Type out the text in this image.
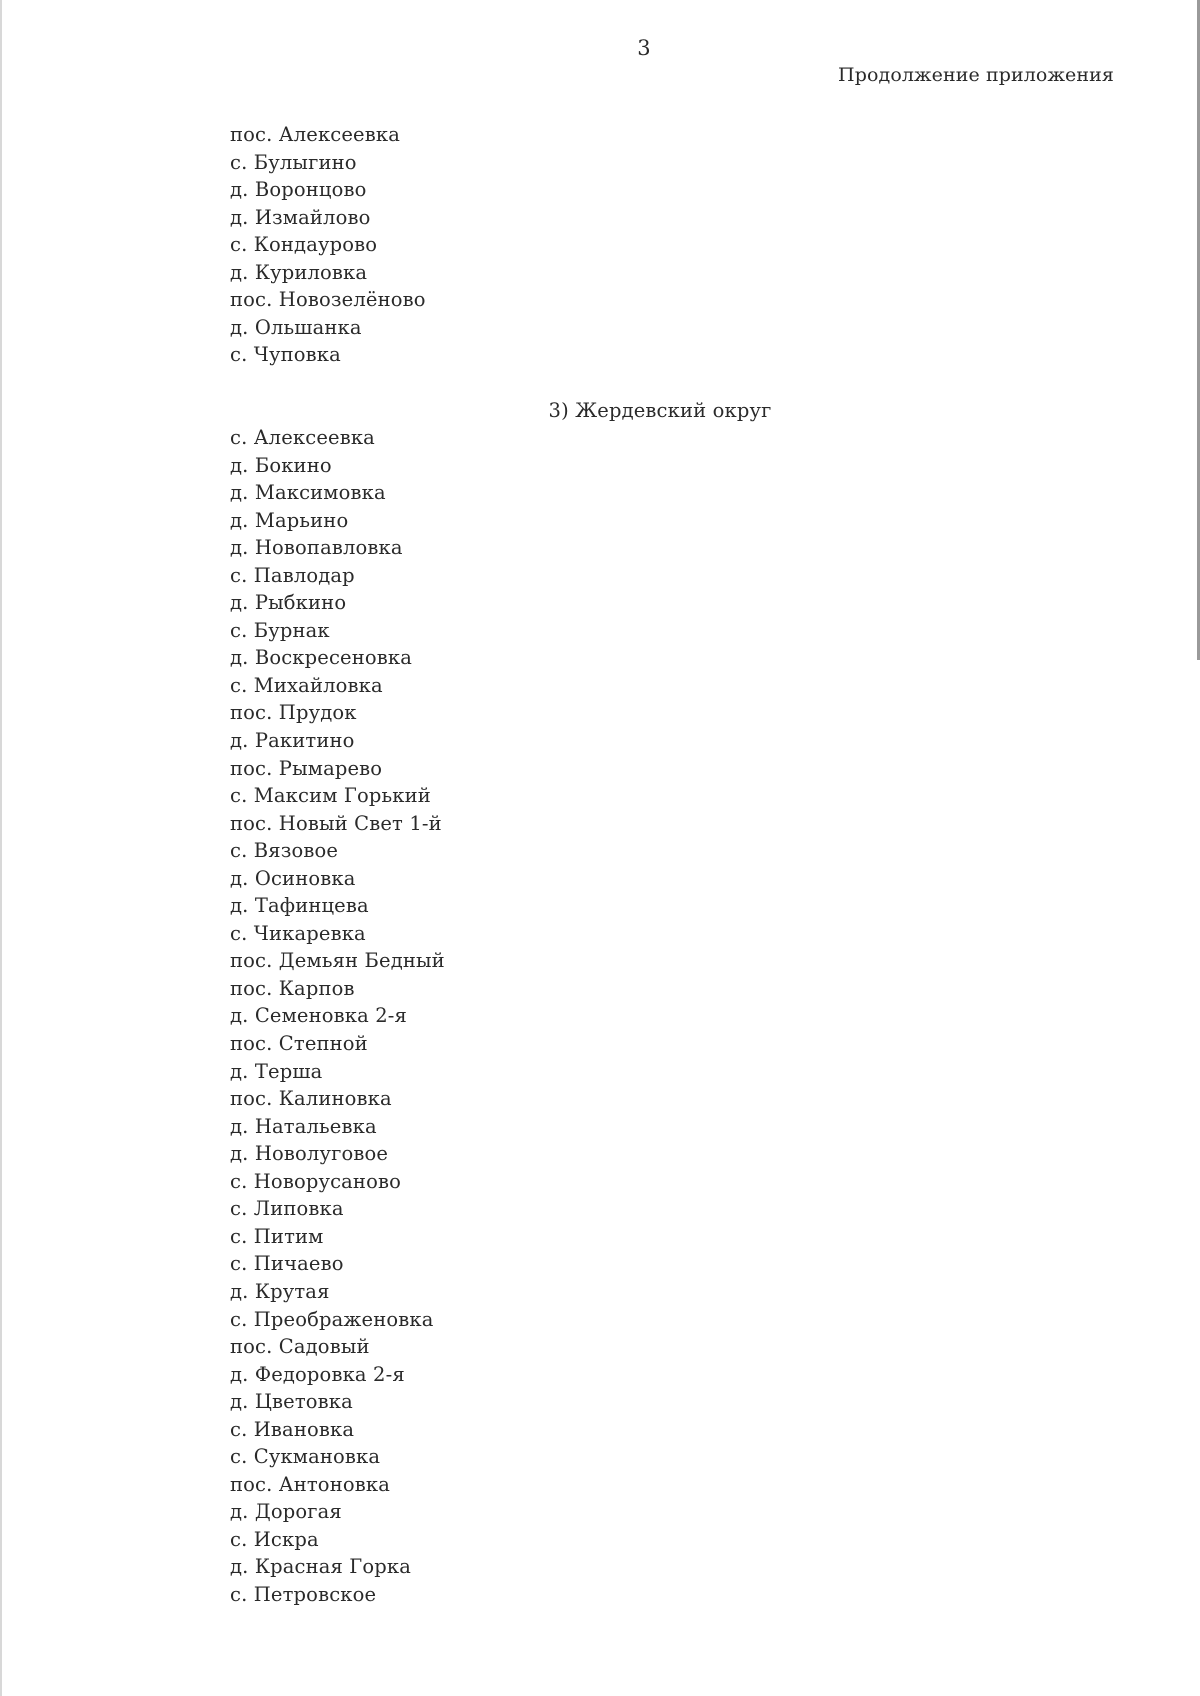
3
Продолжение приложения
пос. Алексеевка
с. Булыгино
д. Воронцово
д. Измайлово
с. Кондаурово
д. Куриловка
пос. Новозелёново
д. Ольшанка
с. Чуповка
3) Жердевский округ
с. Алексеевка
д. Бокино
д. Максимовка
д. Марьино
д. Новопавловка
с. Павлодар
д. Рыбкино
с. Бурнак
д. Воскресеновка
с. Михайловка
пос. Прудок
д. Ракитино
пос. Рымарево
с. Максим Горький
пос. Новый Свет 1-й
с. Вязовое
д. Осиновка
д. Тафинцева
с. Чикаревка
пос. Демьян Бедный
пос. Карпов
д. Семеновка 2-я
пос. Степной
д. Терша
пос. Калиновка
д. Натальевка
д. Новолуговое
с. Новорусаново
с. Липовка
с. Питим
с. Пичаево
д. Крутая
с. Преображеновка
пос. Садовый
д. Федоровка 2-я
д. Цветовка
с. Ивановка
с. Сукмановка
пос. Антоновка
д. Дорогая
с. Искра
д. Красная Горка
с. Петровское
